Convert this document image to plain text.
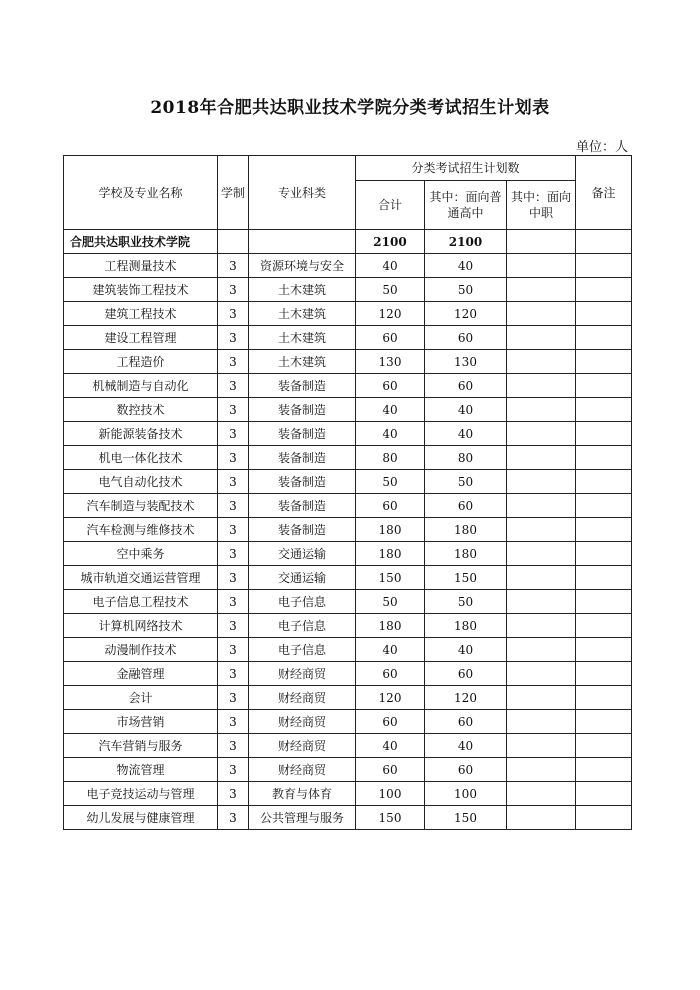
2018年合肥共达职业技术学院分类考试招生计划表
单位：人
学校及专业名称	学制	专业科类	分类考试招生计划数			备注
			合计	其中：面向普通高中	其中：面向中职	
合肥共达职业技术学院			2100	2100		
工程测量技术	3	资源环境与安全	40	40		
建筑装饰工程技术	3	土木建筑	50	50		
建筑工程技术	3	土木建筑	120	120		
建设工程管理	3	土木建筑	60	60		
工程造价	3	土木建筑	130	130		
机械制造与自动化	3	装备制造	60	60		
数控技术	3	装备制造	40	40		
新能源装备技术	3	装备制造	40	40		
机电一体化技术	3	装备制造	80	80		
电气自动化技术	3	装备制造	50	50		
汽车制造与装配技术	3	装备制造	60	60		
汽车检测与维修技术	3	装备制造	180	180		
空中乘务	3	交通运输	180	180		
城市轨道交通运营管理	3	交通运输	150	150		
电子信息工程技术	3	电子信息	50	50		
计算机网络技术	3	电子信息	180	180		
动漫制作技术	3	电子信息	40	40		
金融管理	3	财经商贸	60	60		
会计	3	财经商贸	120	120		
市场营销	3	财经商贸	60	60		
汽车营销与服务	3	财经商贸	40	40		
物流管理	3	财经商贸	60	60		
电子竞技运动与管理	3	教育与体育	100	100		
幼儿发展与健康管理	3	公共管理与服务	150	150		
